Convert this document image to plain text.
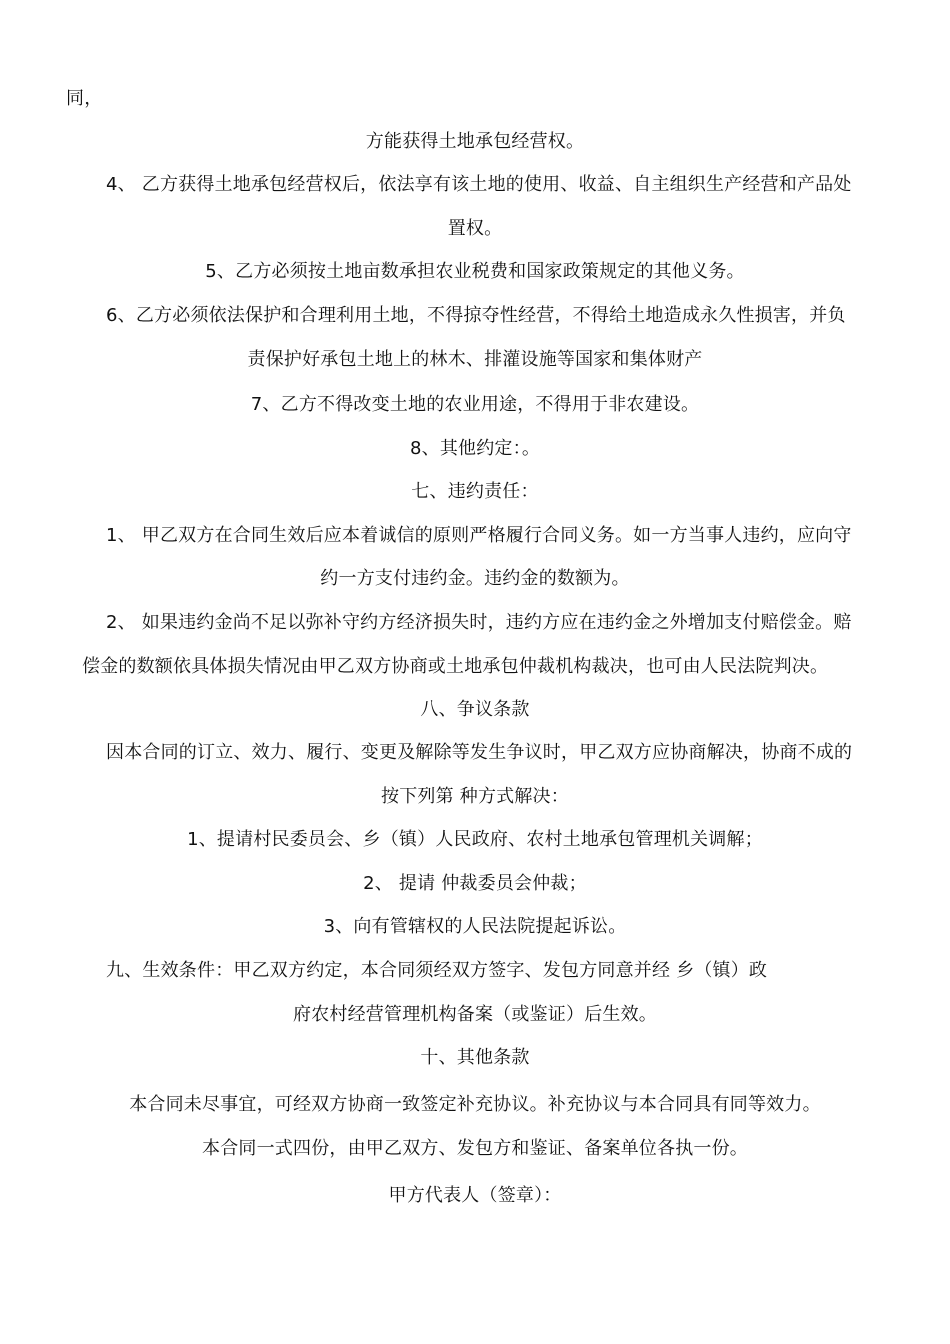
同，
方能获得土地承包经营权。
4、 乙方获得土地承包经营权后，依法享有该土地的使用、收益、自主组织生产经营和产品处
置权。
5、乙方必须按土地亩数承担农业税费和国家政策规定的其他义务。
6、乙方必须依法保护和合理利用土地，不得掠夺性经营，不得给土地造成永久性损害，并负
责保护好承包土地上的林木、排灌设施等国家和集体财产
7、乙方不得改变土地的农业用途，不得用于非农建设。
8、其他约定：。
七、违约责任：
1、 甲乙双方在合同生效后应本着诚信的原则严格履行合同义务。如一方当事人违约，应向守
约一方支付违约金。违约金的数额为。
2、 如果违约金尚不足以弥补守约方经济损失时，违约方应在违约金之外增加支付赔偿金。赔
偿金的数额依具体损失情况由甲乙双方协商或土地承包仲裁机构裁决，也可由人民法院判决。
八、争议条款
因本合同的订立、效力、履行、变更及解除等发生争议时，甲乙双方应协商解决，协商不成的
按下列第 种方式解决：
1、提请村民委员会、乡（镇）人民政府、农村土地承包管理机关调解；
2、 提请 仲裁委员会仲裁；
3、向有管辖权的人民法院提起诉讼。
九、生效条件：甲乙双方约定，本合同须经双方签字、发包方同意并经 乡（镇）政
府农村经营管理机构备案（或鉴证）后生效。
十、其他条款
本合同未尽事宜，可经双方协商一致签定补充协议。补充协议与本合同具有同等效力。
本合同一式四份，由甲乙双方、发包方和鉴证、备案单位各执一份。
甲方代表人（签章）：
